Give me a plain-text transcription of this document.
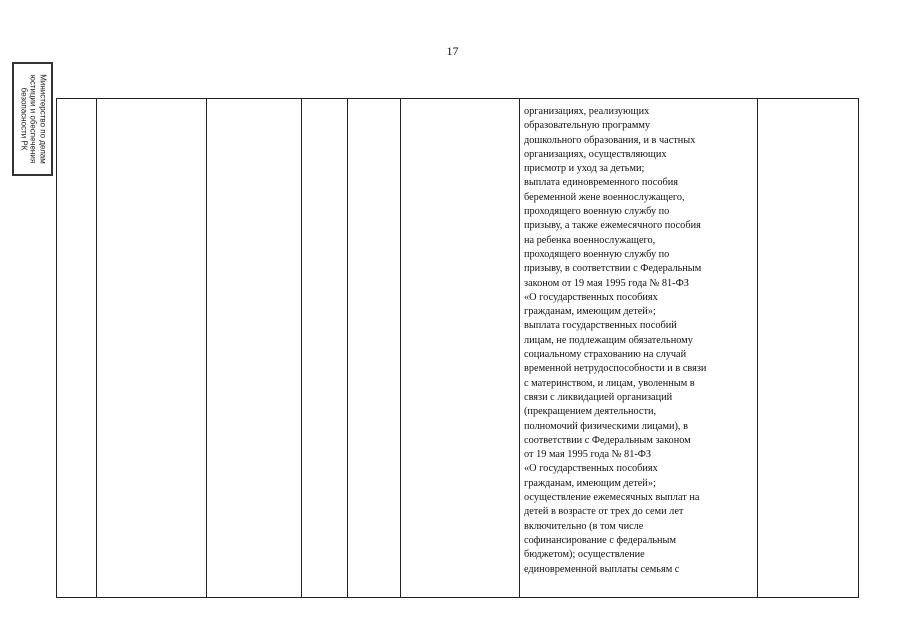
17
Министерство по делам
юстиции и обеспечения
безопасности РК
							организациях, реализующих
образовательную программу
дошкольного образования, и в частных
организациях, осуществляющих
присмотр и уход за детьми;
выплата единовременного пособия
беременной жене военнослужащего,
проходящего военную службу по
призыву, а также ежемесячного пособия
на ребенка военнослужащего,
проходящего военную службу по
призыву, в соответствии с Федеральным
законом от 19 мая 1995 года № 81-ФЗ
«О государственных пособиях
гражданам, имеющим детей»;
выплата государственных пособий
лицам, не подлежащим обязательному
социальному страхованию на случай
временной нетрудоспособности и в связи
с материнством, и лицам, уволенным в
связи с ликвидацией организаций
(прекращением деятельности,
полномочий физическими лицами), в
соответствии с Федеральным законом
от 19 мая 1995 года № 81-ФЗ
«О государственных пособиях
гражданам, имеющим детей»;
осуществление ежемесячных выплат на
детей в возрасте от трех до семи лет
включительно (в том числе
софинансирование с федеральным
бюджетом); осуществление
единовременной выплаты семьям с
